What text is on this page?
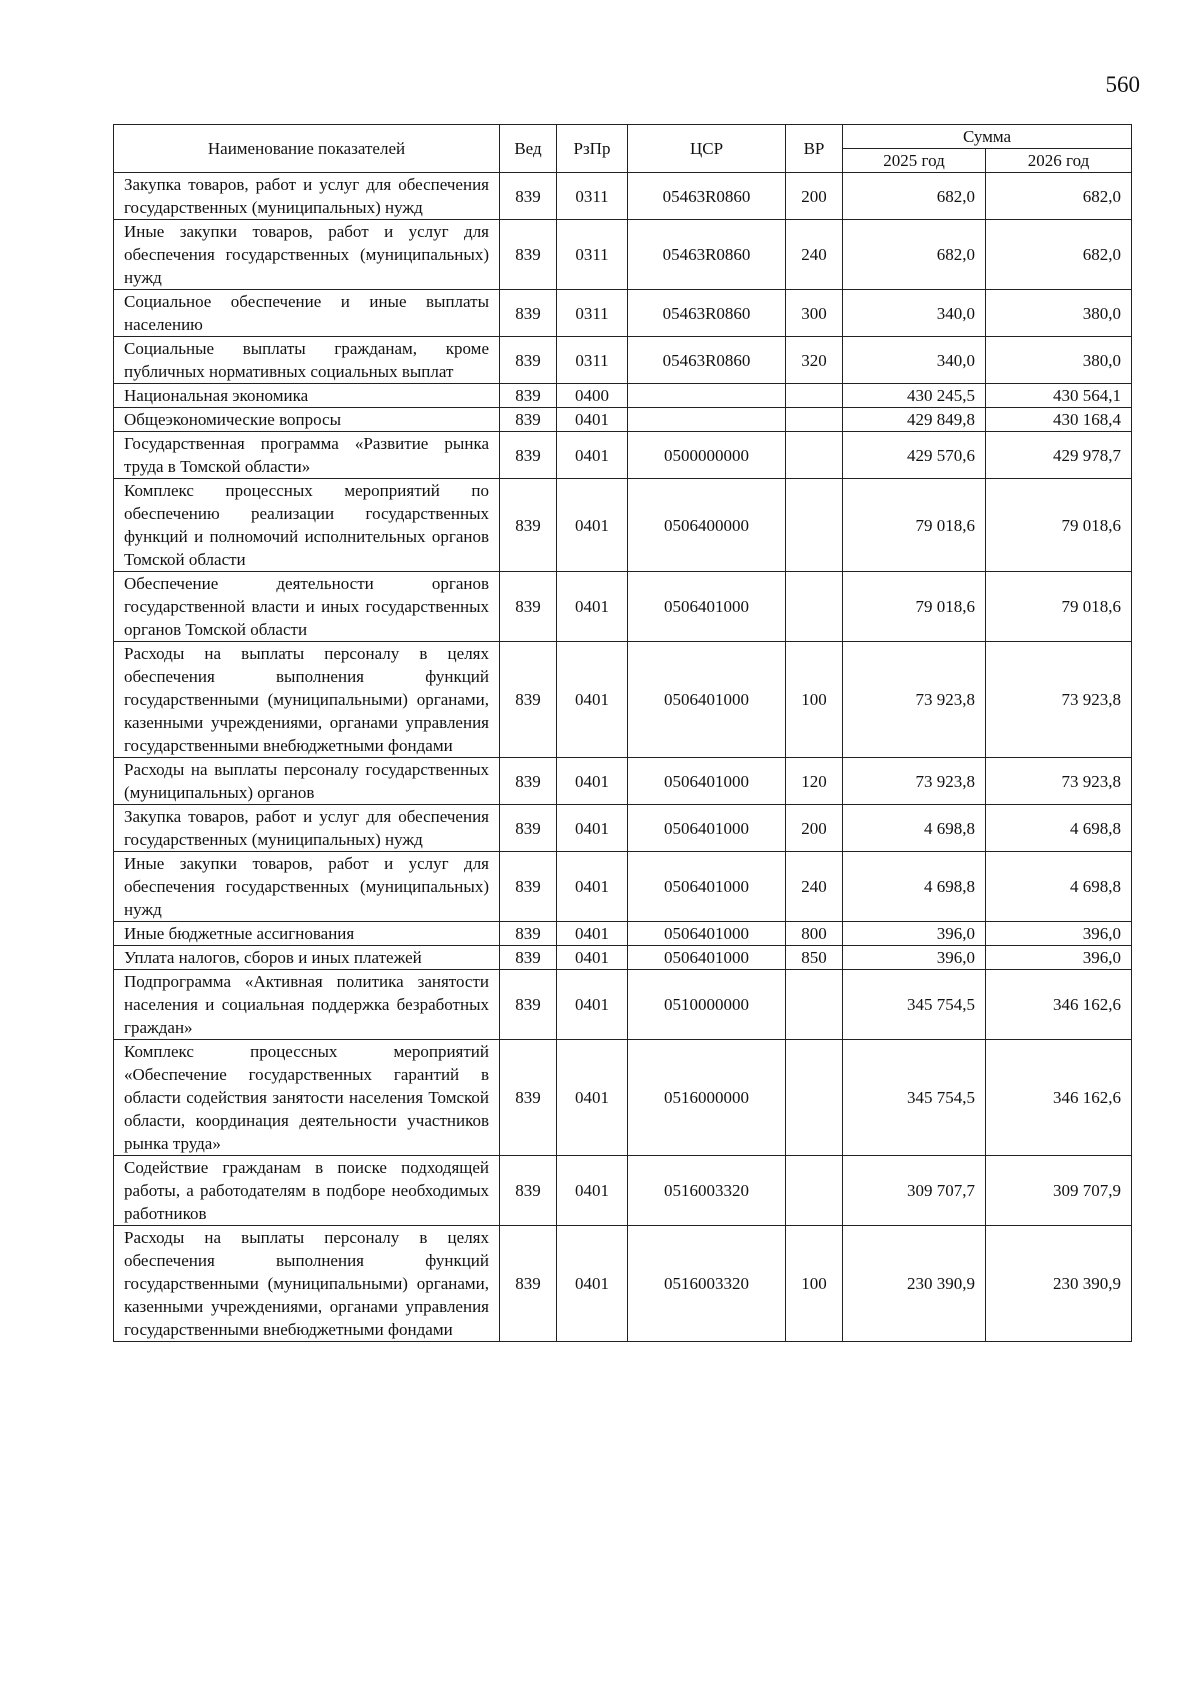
560
Наименование показателей	Вед	РзПр	ЦСР	ВР	Сумма	
					2025 год	2026 год
Закупка товаров, работ и услуг для обеспечения государственных (муниципальных) нужд	839	0311	05463R0860	200	682,0	682,0
Иные закупки товаров, работ и услуг для обеспечения государственных (муниципальных) нужд	839	0311	05463R0860	240	682,0	682,0
Социальное обеспечение и иные выплаты населению	839	0311	05463R0860	300	340,0	380,0
Социальные выплаты гражданам, кроме публичных нормативных социальных выплат	839	0311	05463R0860	320	340,0	380,0
Национальная экономика	839	0400			430 245,5	430 564,1
Общеэкономические вопросы	839	0401			429 849,8	430 168,4
Государственная программа «Развитие рынка труда в Томской области»	839	0401	0500000000		429 570,6	429 978,7
Комплекс процессных мероприятий по обеспечению реализации государственных функций и полномочий исполнительных органов Томской области	839	0401	0506400000		79 018,6	79 018,6
Обеспечение деятельности органов государственной власти и иных государственных органов Томской области	839	0401	0506401000		79 018,6	79 018,6
Расходы на выплаты персоналу в целях обеспечения выполнения функций государственными (муниципальными) органами, казенными учреждениями, органами управления государственными внебюджетными фондами	839	0401	0506401000	100	73 923,8	73 923,8
Расходы на выплаты персоналу государственных (муниципальных) органов	839	0401	0506401000	120	73 923,8	73 923,8
Закупка товаров, работ и услуг для обеспечения государственных (муниципальных) нужд	839	0401	0506401000	200	4 698,8	4 698,8
Иные закупки товаров, работ и услуг для обеспечения государственных (муниципальных) нужд	839	0401	0506401000	240	4 698,8	4 698,8
Иные бюджетные ассигнования	839	0401	0506401000	800	396,0	396,0
Уплата налогов, сборов и иных платежей	839	0401	0506401000	850	396,0	396,0
Подпрограмма «Активная политика занятости населения и социальная поддержка безработных граждан»	839	0401	0510000000		345 754,5	346 162,6
Комплекс процессных мероприятий «Обеспечение государственных гарантий в области содействия занятости населения Томской области, координация деятельности участников рынка труда»	839	0401	0516000000		345 754,5	346 162,6
Содействие гражданам в поиске подходящей работы, а работодателям в подборе необходимых работников	839	0401	0516003320		309 707,7	309 707,9
Расходы на выплаты персоналу в целях обеспечения выполнения функций государственными (муниципальными) органами, казенными учреждениями, органами управления государственными внебюджетными фондами	839	0401	0516003320	100	230 390,9	230 390,9
